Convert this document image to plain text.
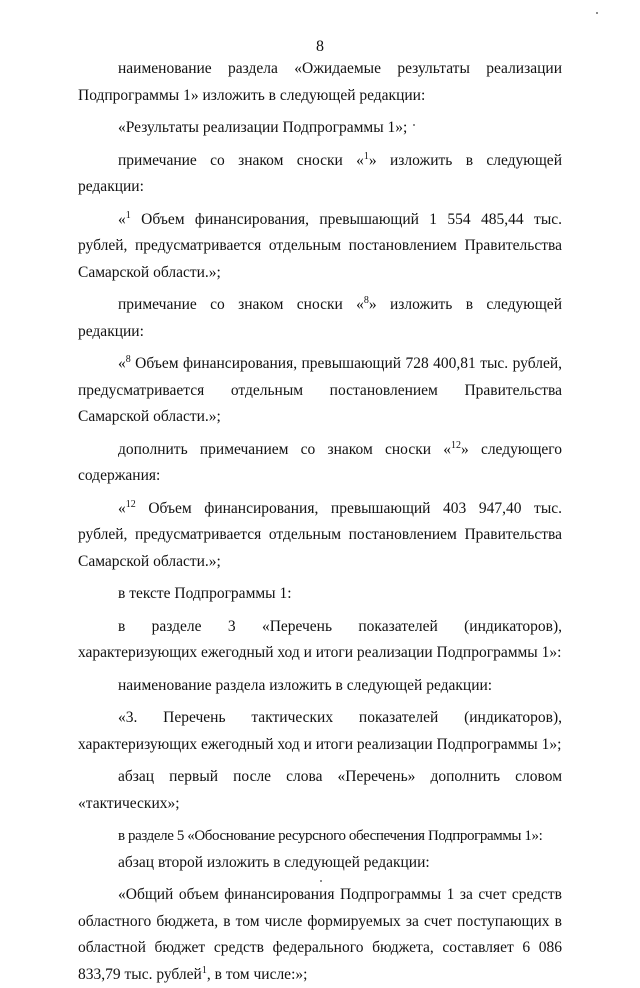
8

наименование раздела «Ожидаемые результаты реализации Подпрограммы 1» изложить в следующей редакции:

«Результаты реализации Подпрограммы 1»;

примечание со знаком сноски «$^1$» изложить в следующей редакции:

«$^1$ Объем финансирования, превышающий 1 554 485,44 тыс. рублей, предусматривается отдельным постановлением Правительства Самарской области.»;

примечание со знаком сноски «$^8$» изложить в следующей редакции:

«$^8$ Объем финансирования, превышающий 728 400,81 тыс. рублей, предусматривается отдельным постановлением Правительства Самарской области.»;

дополнить примечанием со знаком сноски «$^{12}$» следующего содержания:

«$^{12}$ Объем финансирования, превышающий 403 947,40 тыс. рублей, предусматривается отдельным постановлением Правительства Самарской области.»;

в тексте Подпрограммы 1:

в разделе 3 «Перечень показателей (индикаторов), характеризующих ежегодный ход и итоги реализации Подпрограммы 1»:

наименование раздела изложить в следующей редакции:

«3. Перечень тактических показателей (индикаторов), характеризующих ежегодный ход и итоги реализации Подпрограммы 1»;

абзац первый после слова «Перечень» дополнить словом «тактических»;

в разделе 5 «Обоснование ресурсного обеспечения Подпрограммы 1»:

абзац второй изложить в следующей редакции:

«Общий объем финансирования Подпрограммы 1 за счет средств областного бюджета, в том числе формируемых за счет поступающих в областной бюджет средств федерального бюджета, составляет 6 086 833,79 тыс. рублей$^1$, в том числе:»;
